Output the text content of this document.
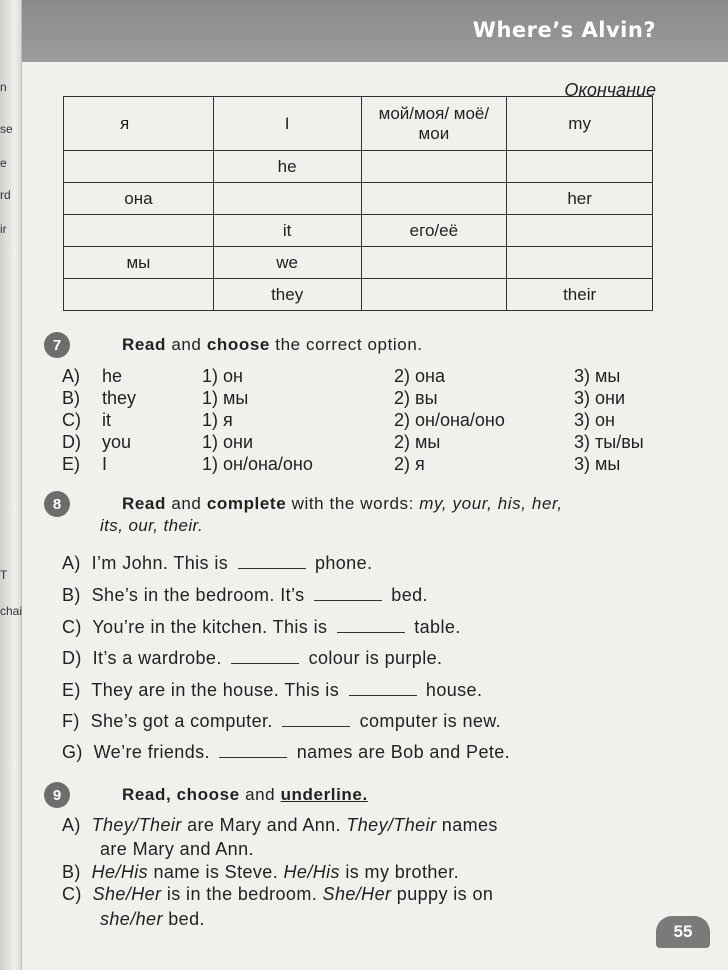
n
se
e
rd
ir
T
chai
Where’s Alvin?
Окончание
я	I	мой/моя/ моё/мои	my
	he		
она			her
	it	его/её	
мы	we		
	they		their
7	Read and choose the correct option.
A) he	1) он	2) она	3) мы
B) they	1) мы	2) вы	3) они
C) it	1) я	2) он/она/оно	3) он
D) you	1) они	2) мы	3) ты/вы
E) I	1) он/она/оно	2) я	3) мы
8	Read and complete with the words: my, your, his, her,
its, our, their.
A) I’m John. This is	phone.
B) She’s in the bedroom. It’s	bed.
C) You’re in the kitchen. This is	table.
D) It’s a wardrobe.	colour is purple.
E) They are in the house. This is	house.
F) She’s got a computer.	computer is new.
G) We’re friends.	names are Bob and Pete.
9	Read, choose and underline.
A) They/Their are Mary and Ann. They/Their names
are Mary and Ann.
B) He/His name is Steve. He/His is my brother.
C) She/Her is in the bedroom. She/Her puppy is on
she/her bed.
55
